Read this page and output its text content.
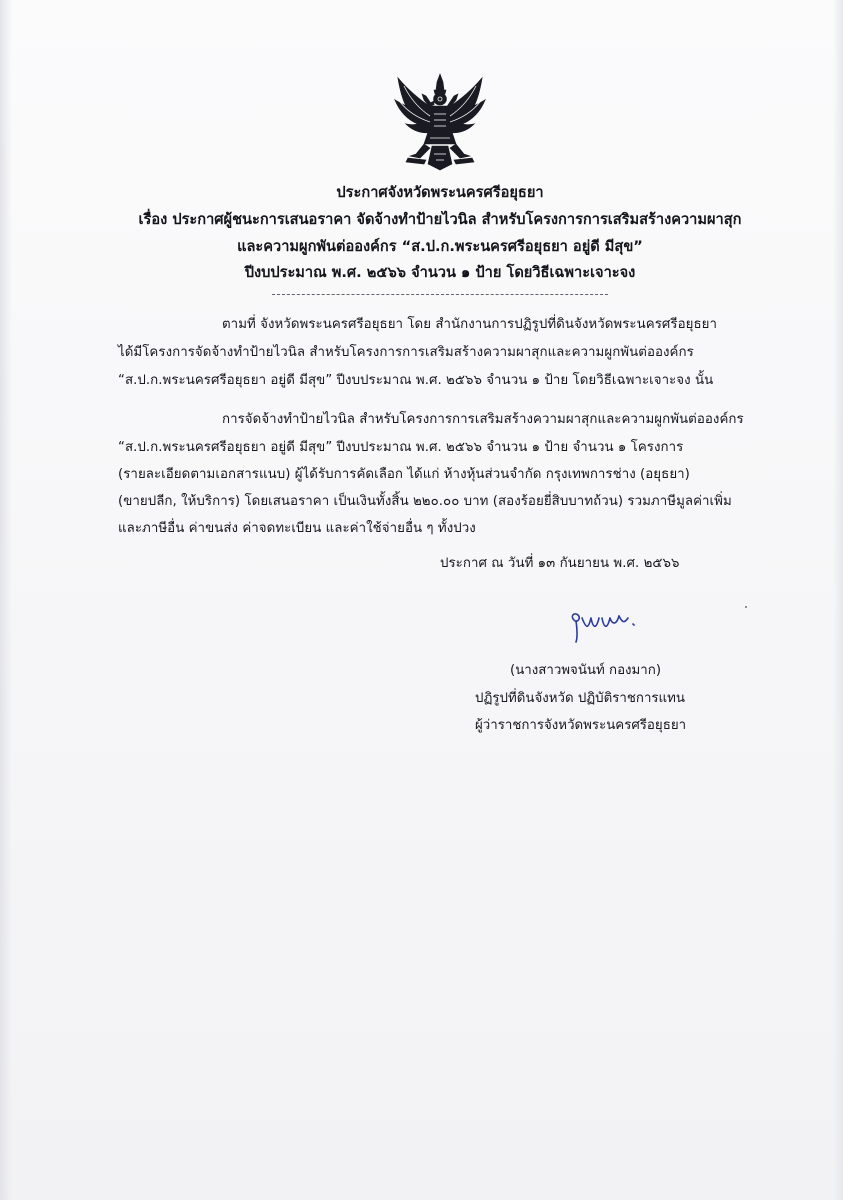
ประกาศจังหวัดพระนครศรีอยุธยา
เรื่อง ประกาศผู้ชนะการเสนอราคา จัดจ้างทำป้ายไวนิล สำหรับโครงการการเสริมสร้างความผาสุก
และความผูกพันต่อองค์กร “ส.ป.ก.พระนครศรีอยุธยา อยู่ดี มีสุข”
ปีงบประมาณ พ.ศ. ๒๕๖๖ จำนวน ๑ ป้าย โดยวิธีเฉพาะเจาะจง
ตามที่ จังหวัดพระนครศรีอยุธยา โดย สำนักงานการปฏิรูปที่ดินจังหวัดพระนครศรีอยุธยา
ได้มีโครงการจัดจ้างทำป้ายไวนิล สำหรับโครงการการเสริมสร้างความผาสุกและความผูกพันต่อองค์กร
“ส.ป.ก.พระนครศรีอยุธยา อยู่ดี มีสุข” ปีงบประมาณ พ.ศ. ๒๕๖๖ จำนวน ๑ ป้าย โดยวิธีเฉพาะเจาะจง นั้น
การจัดจ้างทำป้ายไวนิล สำหรับโครงการการเสริมสร้างความผาสุกและความผูกพันต่อองค์กร
“ส.ป.ก.พระนครศรีอยุธยา อยู่ดี มีสุข” ปีงบประมาณ พ.ศ. ๒๕๖๖ จำนวน ๑ ป้าย จำนวน ๑ โครงการ
(รายละเอียดตามเอกสารแนบ) ผู้ได้รับการคัดเลือก ได้แก่ ห้างหุ้นส่วนจำกัด กรุงเทพการช่าง (อยุธยา)
(ขายปลีก, ให้บริการ) โดยเสนอราคา เป็นเงินทั้งสิ้น ๒๒๐.๐๐ บาท (สองร้อยยี่สิบบาทถ้วน) รวมภาษีมูลค่าเพิ่ม
และภาษีอื่น ค่าขนส่ง ค่าจดทะเบียน และค่าใช้จ่ายอื่น ๆ ทั้งปวง
ประกาศ ณ วันที่ ๑๓ กันยายน พ.ศ. ๒๕๖๖
(นางสาวพจนันท์ กองมาก)
ปฏิรูปที่ดินจังหวัด ปฏิบัติราชการแทน
ผู้ว่าราชการจังหวัดพระนครศรีอยุธยา
